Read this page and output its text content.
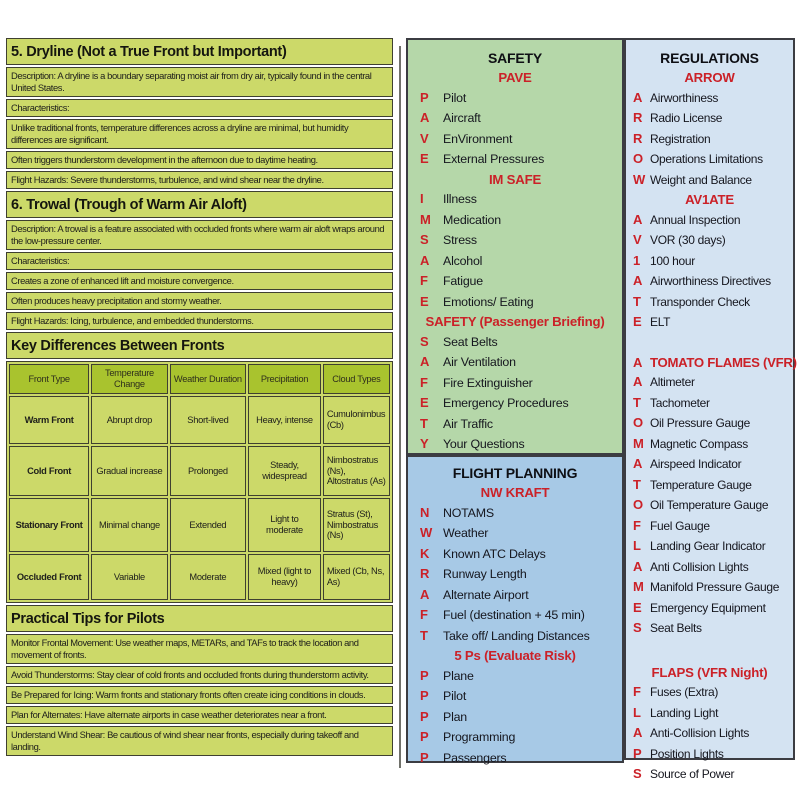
5. Dryline (Not a True Front but Important)
Description: A dryline is a boundary separating moist air from dry air, typically found in the central United States.
Characteristics:
Unlike traditional fronts, temperature differences across a dryline are minimal, but humidity differences are significant.
Often triggers thunderstorm development in the afternoon due to daytime heating.
Flight Hazards: Severe thunderstorms, turbulence, and wind shear near the dryline.
6. Trowal (Trough of Warm Air Aloft)
Description: A trowal is a feature associated with occluded fronts where warm air aloft wraps around the low-pressure center.
Characteristics:
Creates a zone of enhanced lift and moisture convergence.
Often produces heavy precipitation and stormy weather.
Flight Hazards: Icing, turbulence, and embedded thunderstorms.
Key Differences Between Fronts
Front Type	Temperature Change	Weather Duration	Precipitation	Cloud Types
Warm Front	Abrupt drop	Short-lived	Heavy, intense	Cumulonimbus (Cb)
Cold Front	Gradual increase	Prolonged	Steady, widespread	Nimbostratus (Ns), Altostratus (As)
Stationary Front	Minimal change	Extended	Light to moderate	Stratus (St), Nimbostratus (Ns)
Occluded Front	Variable	Moderate	Mixed (light to heavy)	Mixed (Cb, Ns, As)
Practical Tips for Pilots
Monitor Frontal Movement: Use weather maps, METARs, and TAFs to track the location and movement of fronts.
Avoid Thunderstorms: Stay clear of cold fronts and occluded fronts during thunderstorm activity.
Be Prepared for Icing: Warm fronts and stationary fronts often create icing conditions in clouds.
Plan for Alternates: Have alternate airports in case weather deteriorates near a front.
Understand Wind Shear: Be cautious of wind shear near fronts, especially during takeoff and landing.
SAFETY
PAVE
P	Pilot
A	Aircraft
V	EnVironment
E	External Pressures
IM SAFE
I	Illness
M Medication
S	Stress
A	Alcohol
F	Fatigue
E	Emotions/ Eating
SAFETY (Passenger Briefing)
S	Seat Belts
A	Air Ventilation
F	Fire Extinguisher
E	Emergency Procedures
T	Air Traffic
Y	Your Questions
FLIGHT PLANNING
NW KRAFT
N	NOTAMS
W Weather
K	Known ATC Delays
R	Runway Length
A	Alternate Airport
F	Fuel (destination + 45 min)
T	Take off/ Landing Distances
5 Ps (Evaluate Risk)
P	Plane
P	Pilot
P	Plan
P	Programming
P	Passengers
REGULATIONS
ARROW
A Airworthiness
R Radio License
R Registration
O Operations Limitations
W Weight and Balance
AV1ATE
A Annual Inspection
V VOR (30 days)
1 100 hour
A Airworthiness Directives
T Transponder Check
E ELT
A TOMATO FLAMES (VFR)
A Altimeter
T Tachometer
O Oil Pressure Gauge
M Magnetic Compass
A Airspeed Indicator
T Temperature Gauge
O Oil Temperature Gauge
F Fuel Gauge
L Landing Gear Indicator
A Anti Collision Lights
M Manifold Pressure Gauge
E Emergency Equipment
S Seat Belts
FLAPS (VFR Night)
F Fuses (Extra)
L Landing Light
A Anti-Collision Lights
P Position Lights
S Source of Power
